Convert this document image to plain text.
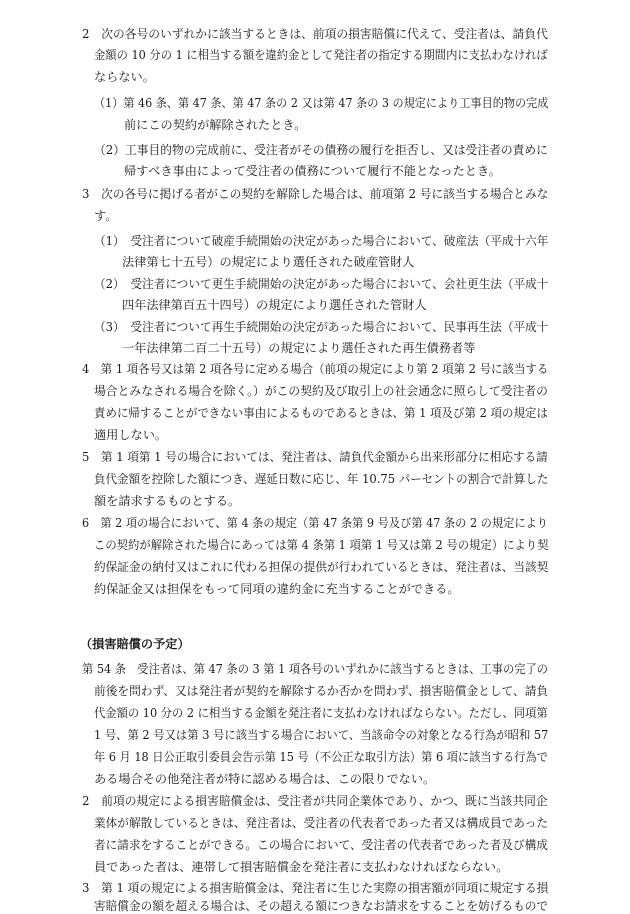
2　次の各号のいずれかに該当するときは、前項の損害賠償に代えて、受注者は、請負代
金額の 10 分の 1 に相当する額を違約金として発注者の指定する期間内に支払わなければ
ならない。
（1）第 46 条、第 47 条、第 47 条の 2 又は第 47 条の 3 の規定により工事目的物の完成
前にこの契約が解除されたとき。
（2）工事目的物の完成前に、受注者がその債務の履行を拒否し、又は受注者の責めに
帰すべき事由によって受注者の債務について履行不能となったとき。
3　次の各号に掲げる者がこの契約を解除した場合は、前項第 2 号に該当する場合とみな
す。
（1）　受注者について破産手続開始の決定があった場合において、破産法（平成十六年
法律第七十五号）の規定により選任された破産管財人
（2）　受注者について更生手続開始の決定があった場合において、会社更生法（平成十
四年法律第百五十四号）の規定により選任された管財人
（3）　受注者について再生手続開始の決定があった場合において、民事再生法（平成十
一年法律第二百二十五号）の規定により選任された再生債務者等
4　第 1 項各号又は第 2 項各号に定める場合（前項の規定により第 2 項第 2 号に該当する
場合とみなされる場合を除く。）がこの契約及び取引上の社会通念に照らして受注者の
責めに帰することができない事由によるものであるときは、第 1 項及び第 2 項の規定は
適用しない。
5　第 1 項第 1 号の場合においては、発注者は、請負代金額から出来形部分に相応する請
負代金額を控除した額につき、遅延日数に応じ、年 10.75 パーセントの割合で計算した
額を請求するものとする。
6　第 2 項の場合において、第 4 条の規定（第 47 条第 9 号及び第 47 条の 2 の規定により
この契約が解除された場合にあっては第 4 条第 1 項第 1 号又は第 2 号の規定）により契
約保証金の納付又はこれに代わる担保の提供が行われているときは、発注者は、当該契
約保証金又は担保をもって同項の違約金に充当することができる。
（損害賠償の予定）
第 54 条　受注者は、第 47 条の 3 第 1 項各号のいずれかに該当するときは、工事の完了の
前後を問わず、又は発注者が契約を解除するか否かを問わず、損害賠償金として、請負
代金額の 10 分の 2 に相当する金額を発注者に支払わなければならない。ただし、同項第
1 号、第 2 号又は第 3 号に該当する場合において、当該命令の対象となる行為が昭和 57
年 6 月 18 日公正取引委員会告示第 15 号（不公正な取引方法）第 6 項に該当する行為で
ある場合その他発注者が特に認める場合は、この限りでない。
2　前項の規定による損害賠償金は、受注者が共同企業体であり、かつ、既に当該共同企
業体が解散しているときは、発注者は、受注者の代表者であった者又は構成員であった
者に請求をすることができる。この場合において、受注者の代表者であった者及び構成
員であった者は、連帯して損害賠償金を発注者に支払わなければならない。
3　第 1 項の規定による損害賠償金は、発注者に生じた実際の損害額が同項に規定する損
害賠償金の額を超える場合は、その超える額につきなお請求をすることを妨げるもので
